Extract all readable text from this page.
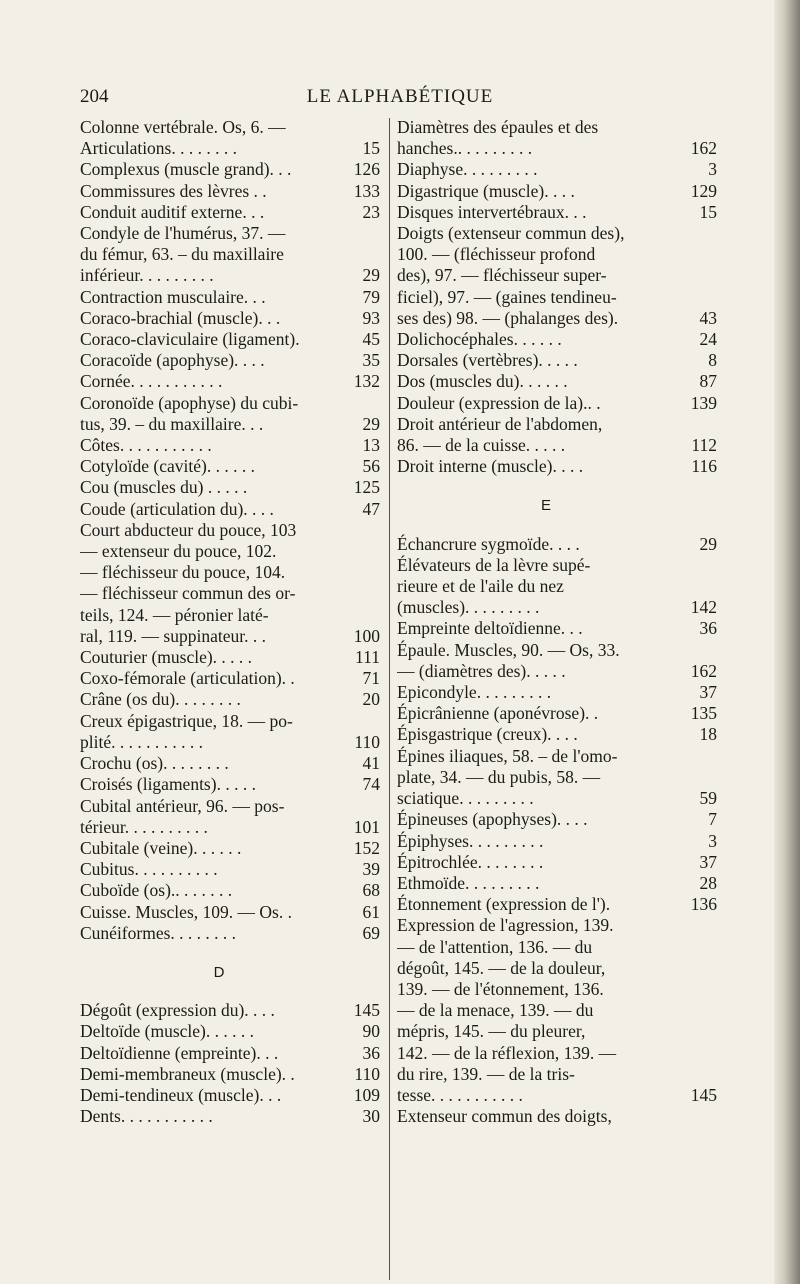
204	LE ALPHABÉTIQUE
Colonne vertébrale. Os, 6. —
Articulations. . . . . . . .	15
Complexus (muscle grand). . .	126
Commissures des lèvres . .	133
Conduit auditif externe. . .	23
Condyle de l'humérus, 37. —
du fémur, 63. – du maxillaire
inférieur. . . . . . . . .	29
Contraction musculaire. . .	79
Coraco-brachial (muscle). . .	93
Coraco-claviculaire (ligament).	45
Coracoïde (apophyse). . . .	35
Cornée. . . . . . . . . . .	132
Coronoïde (apophyse) du cubi-
tus, 39. – du maxillaire. . .	29
Côtes. . . . . . . . . . .	13
Cotyloïde (cavité). . . . . .	56
Cou (muscles du) . . . . .	125
Coude (articulation du). . . .	47
Court abducteur du pouce, 103
— extenseur du pouce, 102.
— fléchisseur du pouce, 104.
— fléchisseur commun des or-
teils, 124. — péronier laté-
ral, 119. — suppinateur. . .	100
Couturier (muscle). . . . .	111
Coxo-fémorale (articulation). .	71
Crâne (os du). . . . . . . .	20
Creux épigastrique, 18. — po-
plité. . . . . . . . . . .	110
Crochu (os). . . . . . . .	41
Croisés (ligaments). . . . .	74
Cubital antérieur, 96. — pos-
térieur. . . . . . . . . .	101
Cubitale (veine). . . . . .	152
Cubitus. . . . . . . . . .	39
Cuboïde (os).. . . . . . .	68
Cuisse. Muscles, 109. — Os. .	61
Cunéiformes. . . . . . . .	69
D
Dégoût (expression du). . . .	145
Deltoïde (muscle). . . . . .	90
Deltoïdienne (empreinte). . .	36
Demi-membraneux (muscle). .	110
Demi-tendineux (muscle). . .	109
Dents. . . . . . . . . . .	30
Diamètres des épaules et des
hanches.. . . . . . . . .	162
Diaphyse. . . . . . . . .	3
Digastrique (muscle). . . .	129
Disques intervertébraux. . .	15
Doigts (extenseur commun des),
100. — (fléchisseur profond
des), 97. — fléchisseur super-
ficiel), 97. — (gaines tendineu-
ses des) 98. — (phalanges des).	43
Dolichocéphales. . . . . .	24
Dorsales (vertèbres). . . . .	8
Dos (muscles du). . . . . .	87
Douleur (expression de la).. .	139
Droit antérieur de l'abdomen,
86. — de la cuisse. . . . .	112
Droit interne (muscle). . . .	116
E
Échancrure sygmoïde. . . .	29
Élévateurs de la lèvre supé-
rieure et de l'aile du nez
(muscles). . . . . . . . .	142
Empreinte deltoïdienne. . .	36
Épaule. Muscles, 90. — Os, 33.
— (diamètres des). . . . .	162
Epicondyle. . . . . . . . .	37
Épicrânienne (aponévrose). .	135
Épisgastrique (creux). . . .	18
Épines iliaques, 58. – de l'omo-
plate, 34. — du pubis, 58. —
sciatique. . . . . . . . .	59
Épineuses (apophyses). . . .	7
Épiphyses. . . . . . . . .	3
Épitrochlée. . . . . . . .	37
Ethmoïde. . . . . . . . .	28
Étonnement (expression de l').	136
Expression de l'agression, 139.
— de l'attention, 136. — du
dégoût, 145. — de la douleur,
139. — de l'étonnement, 136.
— de la menace, 139. — du
mépris, 145. — du pleurer,
142. — de la réflexion, 139. —
du rire, 139. — de la tris-
tesse. . . . . . . . . . .	145
Extenseur commun des doigts,
